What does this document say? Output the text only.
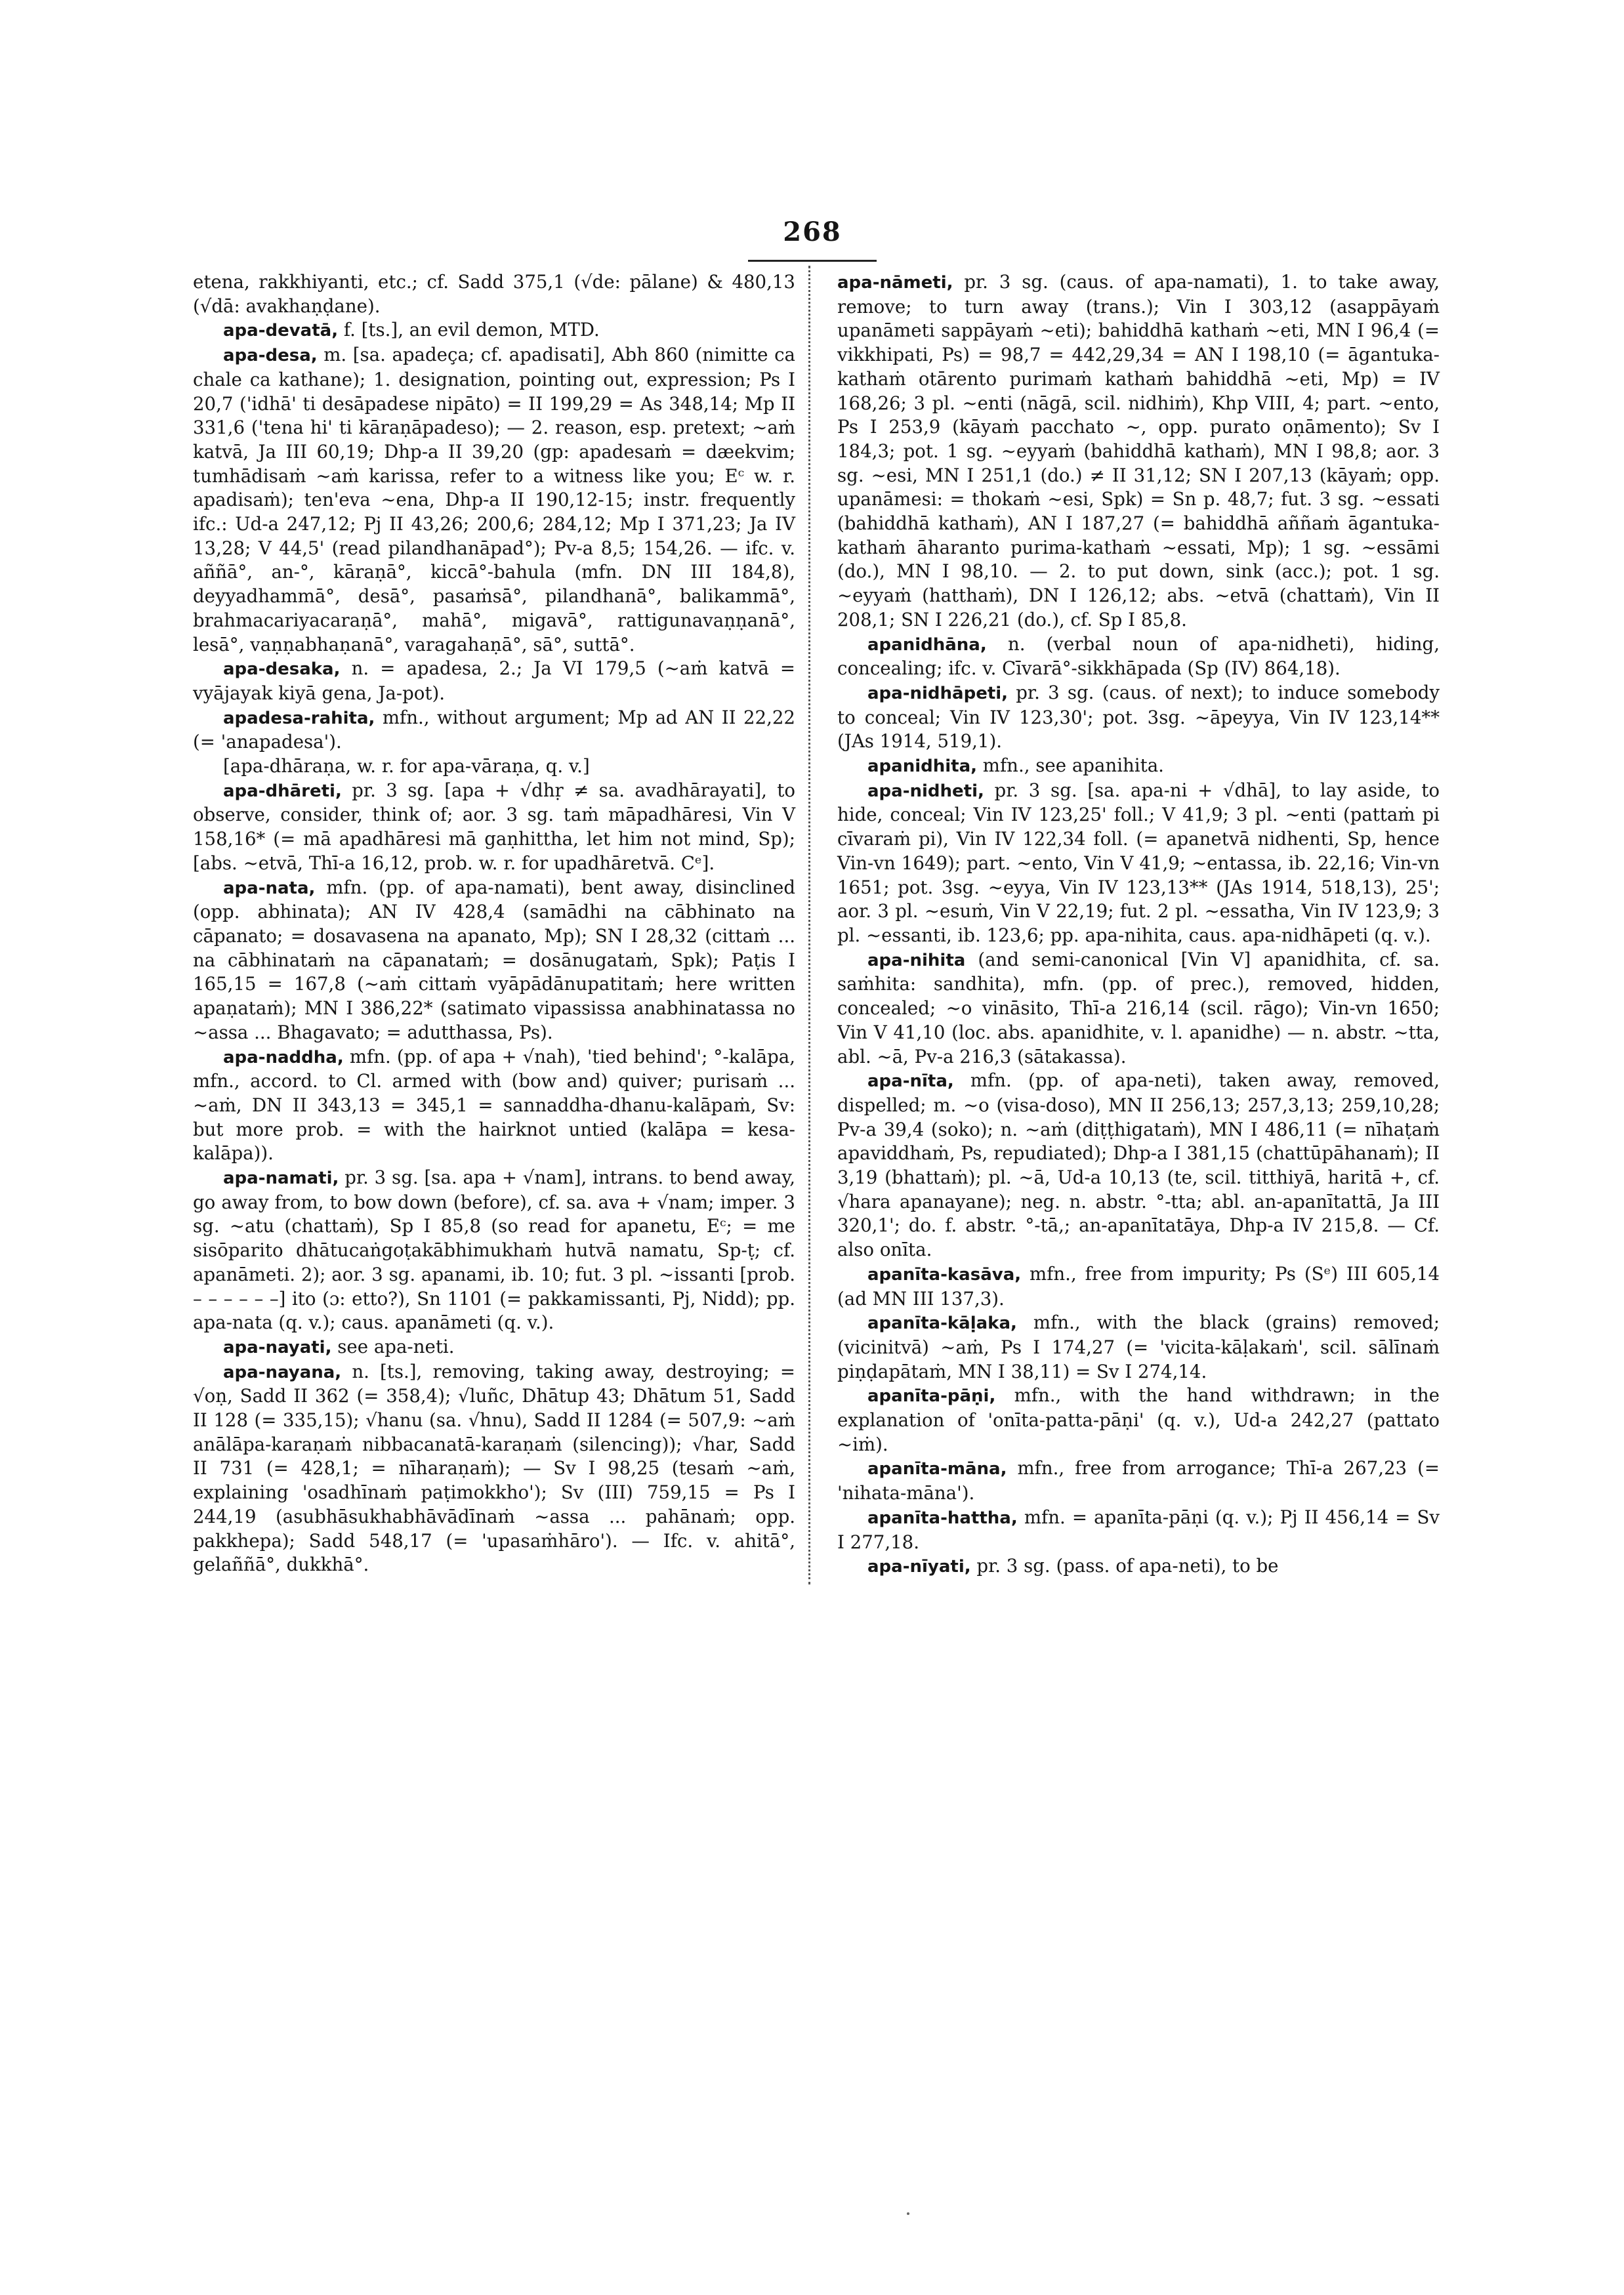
268

etena, rakkhiyanti, etc.; cf. Sadd 375,1 (√de: pālane) & 480,13 (√dā: avakhaṇḍane).

apa-devatā, f. [ts.], an evil demon, MTD.

apa-desa, m. [sa. apadeça; cf. apadisati], Abh 860 (nimitte ca chale ca kathane); 1. designation, pointing out, expression; Ps I 20,7 ('idhā' ti desāpadese nipāto) = II 199,29 = As 348,14; Mp II 331,6 ('tena hi' ti kāraṇāpadeso); — 2. reason, esp. pretext; ~aṁ katvā, Ja III 60,19; Dhp-a II 39,20 (gp: apadesaṁ = dæekvim; tumhādisaṁ ~aṁ karissa, refer to a witness like you; Eᶜ w. r. apadisaṁ); ten'eva ~ena, Dhp-a II 190,12-15; instr. frequently ifc.: Ud-a 247,12; Pj II 43,26; 200,6; 284,12; Mp I 371,23; Ja IV 13,28; V 44,5' (read pilandhanāpad°); Pv-a 8,5; 154,26. — ifc. v. aññā°, an-°, kāraṇā°, kiccā°-bahula (mfn. DN III 184,8), deyyadhammā°, desā°, pasaṁsā°, pilandhanā°, balikammā°, brahmacariyacaraṇā°, mahā°, migavā°, rattigunavaṇṇanā°, lesā°, vaṇṇabhaṇanā°, varagahaṇā°, sā°, suttā°.

apa-desaka, n. = apadesa, 2.; Ja VI 179,5 (~aṁ katvā = vyājayak kiyā gena, Ja-pot).

apadesa-rahita, mfn., without argument; Mp ad AN II 22,22 (= 'anapadesa').

[apa-dhāraṇa, w. r. for apa-vāraṇa, q. v.]

apa-dhāreti, pr. 3 sg. [apa + √dhṛ ≠ sa. avadhārayati], to observe, consider, think of; aor. 3 sg. taṁ māpadhāresi, Vin V 158,16* (= mā apadhāresi mā gaṇhittha, let him not mind, Sp); [abs. ~etvā, Thī-a 16,12, prob. w. r. for upadhāretvā. Cᵉ].

apa-nata, mfn. (pp. of apa-namati), bent away, disinclined (opp. abhinata); AN IV 428,4 (samādhi na cābhinato na cāpanato; = dosavasena na apanato, Mp); SN I 28,32 (cittaṁ ... na cābhinataṁ na cāpanataṁ; = dosānugataṁ, Spk); Paṭis I 165,15 = 167,8 (~aṁ cittaṁ vyāpādānupatitaṁ; here written apaṇataṁ); MN I 386,22* (satimato vipassissa anabhinatassa no ~assa ... Bhagavato; = adutthassa, Ps).

apa-naddha, mfn. (pp. of apa + √nah), 'tied behind'; °-kalāpa, mfn., accord. to Cl. armed with (bow and) quiver; purisaṁ ... ~aṁ, DN II 343,13 = 345,1 = sannaddha-dhanu-kalāpaṁ, Sv: but more prob. = with the hairknot untied (kalāpa = kesa-kalāpa)).

apa-namati, pr. 3 sg. [sa. apa + √nam], intrans. to bend away, go away from, to bow down (before), cf. sa. ava + √nam; imper. 3 sg. ~atu (chattaṁ), Sp I 85,8 (so read for apanetu, Eᶜ; = me sisōparito dhātucaṅgoṭakābhimukhaṁ hutvā namatu, Sp-ṭ; cf. apanāmeti. 2); aor. 3 sg. apanami, ib. 10; fut. 3 pl. ~issanti [prob. – – – – – –] ito (ɔ: etto?), Sn 1101 (= pakkamissanti, Pj, Nidd); pp. apa-nata (q. v.); caus. apanāmeti (q. v.).

apa-nayati, see apa-neti.

apa-nayana, n. [ts.], removing, taking away, destroying; = √oṇ, Sadd II 362 (= 358,4); √luñc, Dhātup 43; Dhātum 51, Sadd II 128 (= 335,15); √hanu (sa. √hnu), Sadd II 1284 (= 507,9: ~aṁ anālāpa-karaṇaṁ nibbacanatā-karaṇaṁ (silencing)); √har, Sadd II 731 (= 428,1; = nīharaṇaṁ); — Sv I 98,25 (tesaṁ ~aṁ, explaining 'osadhīnaṁ paṭimokkho'); Sv (III) 759,15 = Ps I 244,19 (asubhāsukhabhāvādīnaṁ ~assa ... pahānaṁ; opp. pakkhepa); Sadd 548,17 (= 'upasaṁhāro'). — Ifc. v. ahitā°, gelaññā°, dukkhā°.

apa-nāmeti, pr. 3 sg. (caus. of apa-namati), 1. to take away, remove; to turn away (trans.); Vin I 303,12 (asappāyaṁ upanāmeti sappāyaṁ ~eti); bahiddhā kathaṁ ~eti, MN I 96,4 (= vikkhipati, Ps) = 98,7 = 442,29,34 = AN I 198,10 (= āgantuka-kathaṁ otārento purimaṁ kathaṁ bahiddhā ~eti, Mp) = IV 168,26; 3 pl. ~enti (nāgā, scil. nidhiṁ), Khp VIII, 4; part. ~ento, Ps I 253,9 (kāyaṁ pacchato ~, opp. purato oṇāmento); Sv I 184,3; pot. 1 sg. ~eyyaṁ (bahiddhā kathaṁ), MN I 98,8; aor. 3 sg. ~esi, MN I 251,1 (do.) ≠ II 31,12; SN I 207,13 (kāyaṁ; opp. upanāmesi: = thokaṁ ~esi, Spk) = Sn p. 48,7; fut. 3 sg. ~essati (bahiddhā kathaṁ), AN I 187,27 (= bahiddhā aññaṁ āgantuka-kathaṁ āharanto purima-kathaṁ ~essati, Mp); 1 sg. ~essāmi (do.), MN I 98,10. — 2. to put down, sink (acc.); pot. 1 sg. ~eyyaṁ (hatthaṁ), DN I 126,12; abs. ~etvā (chattaṁ), Vin II 208,1; SN I 226,21 (do.), cf. Sp I 85,8.

apanidhāna, n. (verbal noun of apa-nidheti), hiding, concealing; ifc. v. Cīvarā°-sikkhāpada (Sp (IV) 864,18).

apa-nidhāpeti, pr. 3 sg. (caus. of next); to induce somebody to conceal; Vin IV 123,30'; pot. 3sg. ~āpeyya, Vin IV 123,14** (JAs 1914, 519,1).

apanidhita, mfn., see apanihita.

apa-nidheti, pr. 3 sg. [sa. apa-ni + √dhā], to lay aside, to hide, conceal; Vin IV 123,25' foll.; V 41,9; 3 pl. ~enti (pattaṁ pi cīvaraṁ pi), Vin IV 122,34 foll. (= apanetvā nidhenti, Sp, hence Vin-vn 1649); part. ~ento, Vin V 41,9; ~entassa, ib. 22,16; Vin-vn 1651; pot. 3sg. ~eyya, Vin IV 123,13** (JAs 1914, 518,13), 25'; aor. 3 pl. ~esuṁ, Vin V 22,19; fut. 2 pl. ~essatha, Vin IV 123,9; 3 pl. ~essanti, ib. 123,6; pp. apa-nihita, caus. apa-nidhāpeti (q. v.).

apa-nihita (and semi-canonical [Vin V] apanidhita, cf. sa. saṁhita: sandhita), mfn. (pp. of prec.), removed, hidden, concealed; ~o vināsito, Thī-a 216,14 (scil. rāgo); Vin-vn 1650; Vin V 41,10 (loc. abs. apanidhite, v. l. apanidhe) — n. abstr. ~tta, abl. ~ā, Pv-a 216,3 (sātakassa).

apa-nīta, mfn. (pp. of apa-neti), taken away, removed, dispelled; m. ~o (visa-doso), MN II 256,13; 257,3,13; 259,10,28; Pv-a 39,4 (soko); n. ~aṁ (diṭṭhigataṁ), MN I 486,11 (= nīhaṭaṁ apaviddhaṁ, Ps, repudiated); Dhp-a I 381,15 (chattūpāhanaṁ); II 3,19 (bhattaṁ); pl. ~ā, Ud-a 10,13 (te, scil. titthiyā, haritā +, cf. √hara apanayane); neg. n. abstr. °-tta; abl. an-apanītattā, Ja III 320,1'; do. f. abstr. °-tā,; an-apanītatāya, Dhp-a IV 215,8. — Cf. also onīta.

apanīta-kasāva, mfn., free from impurity; Ps (Sᵉ) III 605,14 (ad MN III 137,3).

apanīta-kāḷaka, mfn., with the black (grains) removed; (vicinitvā) ~aṁ, Ps I 174,27 (= 'vicita-kāḷakaṁ', scil. sālīnaṁ piṇḍapātaṁ, MN I 38,11) = Sv I 274,14.

apanīta-pāṇi, mfn., with the hand withdrawn; in the explanation of 'onīta-patta-pāṇi' (q. v.), Ud-a 242,27 (pattato ~iṁ).

apanīta-māna, mfn., free from arrogance; Thī-a 267,23 (= 'nihata-māna').

apanīta-hattha, mfn. = apanīta-pāṇi (q. v.); Pj II 456,14 = Sv I 277,18.

apa-nīyati, pr. 3 sg. (pass. of apa-neti), to be
